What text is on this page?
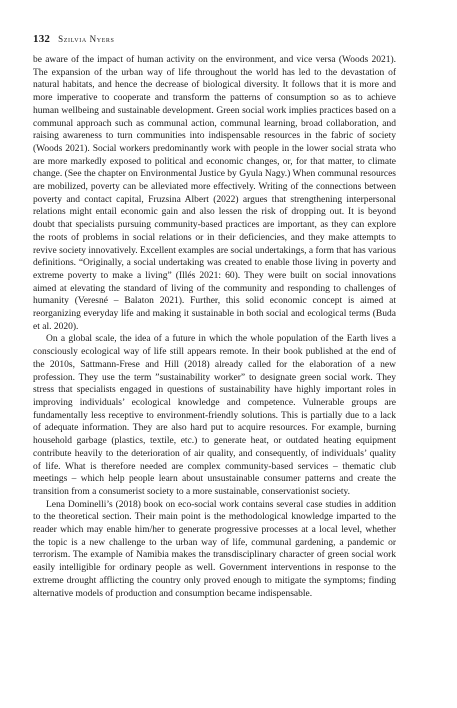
132 Szilvia Nyers

be aware of the impact of human activity on the environment, and vice versa (Woods 2021). The expansion of the urban way of life throughout the world has led to the devastation of natural habitats, and hence the decrease of biological diversity. It follows that it is more and more imperative to cooperate and transform the patterns of consumption so as to achieve human wellbeing and sustainable development. Green social work implies practices based on a communal approach such as communal action, communal learning, broad collaboration, and raising awareness to turn communities into indispensable resources in the fabric of society (Woods 2021). Social workers predominantly work with people in the lower social strata who are more markedly exposed to political and economic changes, or, for that matter, to climate change. (See the chapter on Environmental Justice by Gyula Nagy.) When communal resources are mobilized, poverty can be alleviated more effectively. Writing of the connections between poverty and contact capital, Fruzsina Albert (2022) argues that strengthening interpersonal relations might entail economic gain and also lessen the risk of dropping out. It is beyond doubt that specialists pursuing community-based practices are important, as they can explore the roots of problems in social relations or in their deficiencies, and they make attempts to revive society innovatively. Excellent examples are social undertakings, a form that has various definitions. “Originally, a social undertaking was created to enable those living in poverty and extreme poverty to make a living” (Illés 2021: 60). They were built on social innovations aimed at elevating the standard of living of the community and responding to challenges of humanity (Veresné – Balaton 2021). Further, this solid economic concept is aimed at reorganizing everyday life and making it sustainable in both social and ecological terms (Buda et al. 2020).

On a global scale, the idea of a future in which the whole population of the Earth lives a consciously ecological way of life still appears remote. In their book published at the end of the 2010s, Sattmann-Frese and Hill (2018) already called for the elaboration of a new profession. They use the term ”sustainability worker” to designate green social work. They stress that specialists engaged in questions of sustainability have highly important roles in improving individuals’ ecological knowledge and competence. Vulnerable groups are fundamentally less receptive to environment-friendly solutions. This is partially due to a lack of adequate information. They are also hard put to acquire resources. For example, burning household garbage (plastics, textile, etc.) to generate heat, or outdated heating equipment contribute heavily to the deterioration of air quality, and consequently, of individuals’ quality of life. What is therefore needed are complex community-based services – thematic club meetings – which help people learn about unsustainable consumer patterns and create the transition from a consumerist society to a more sustainable, conservationist society.

Lena Dominelli’s (2018) book on eco-social work contains several case studies in addition to the theoretical section. Their main point is the methodological knowledge imparted to the reader which may enable him/her to generate progressive processes at a local level, whether the topic is a new challenge to the urban way of life, communal gardening, a pandemic or terrorism. The example of Namibia makes the transdisciplinary character of green social work easily intelligible for ordinary people as well. Government interventions in response to the extreme drought afflicting the country only proved enough to mitigate the symptoms; finding alternative models of production and consumption became indispensable.
